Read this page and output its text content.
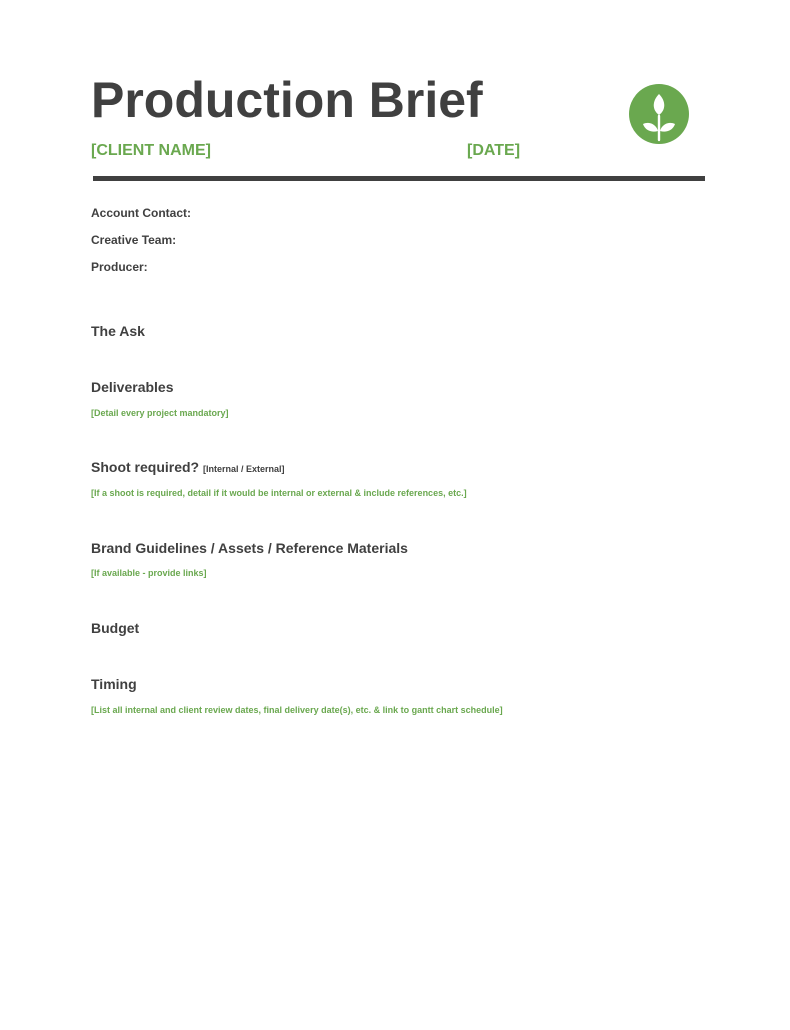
Production Brief
[CLIENT NAME]	[DATE]
Account Contact:
Creative Team:
Producer:
The Ask
Deliverables
[Detail every project mandatory]
Shoot required? [Internal / External]
[If a shoot is required, detail if it would be internal or external & include references, etc.]
Brand Guidelines / Assets / Reference Materials
[If available - provide links]
Budget
Timing
[List all internal and client review dates, final delivery date(s), etc. & link to gantt chart schedule]
